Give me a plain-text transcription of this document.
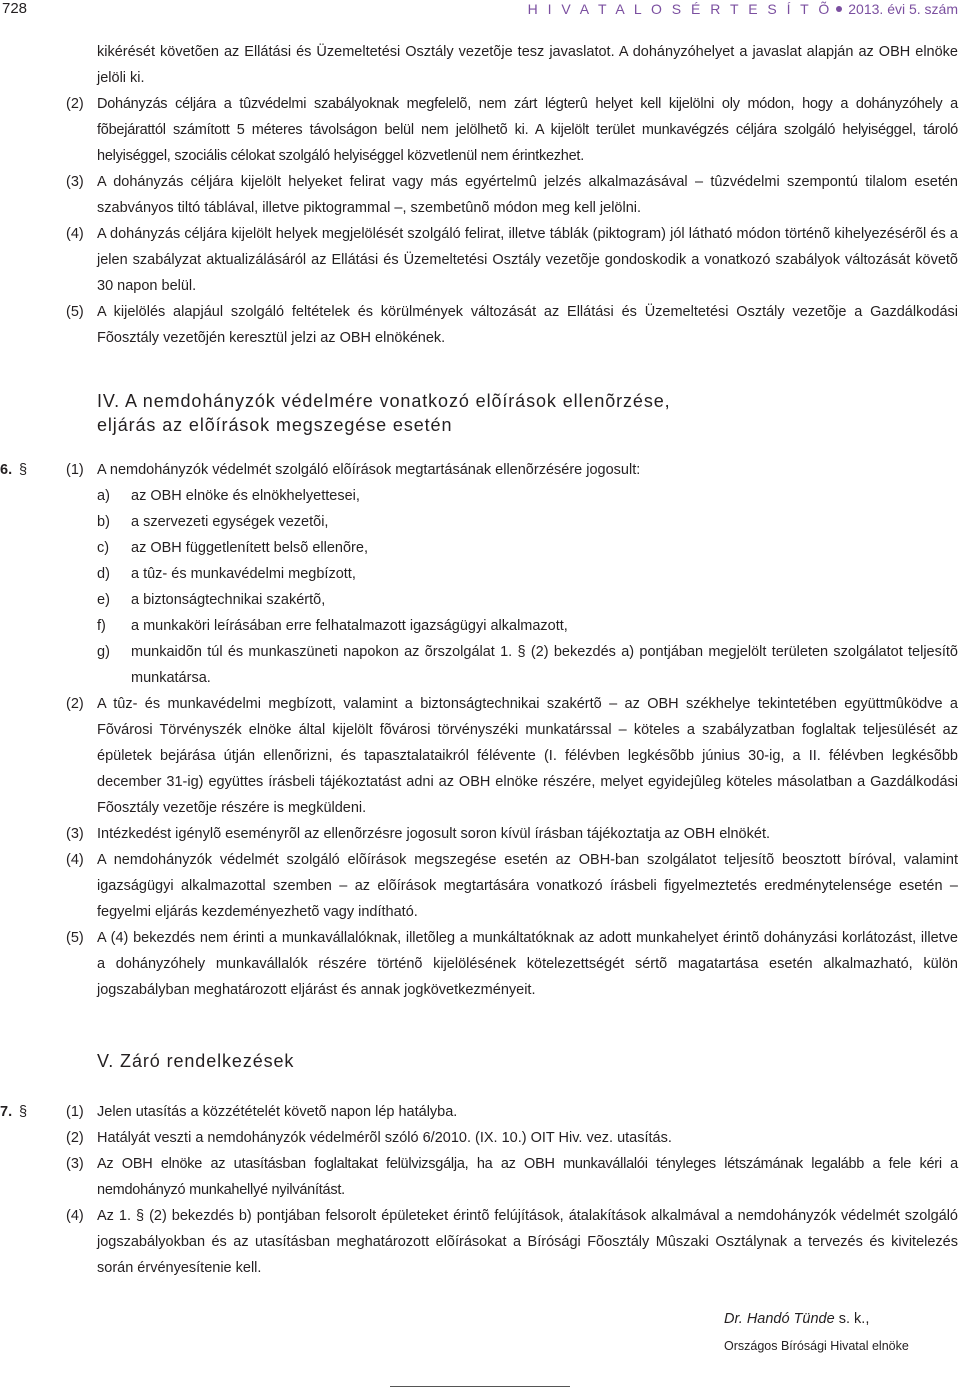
728	H I V A T A L O S É R T E S Í T Õ 2013. évi 5. szám
kikérését követõen az Ellátási és Üzemeltetési Osztály vezetõje tesz javaslatot. A dohányzóhelyet a javaslat alapján az OBH elnöke jelöli ki.
(2) Dohányzás céljára a tûzvédelmi szabályoknak megfelelõ, nem zárt légterû helyet kell kijelölni oly módon, hogy a dohányzóhely a fõbejárattól számított 5 méteres távolságon belül nem jelölhetõ ki. A kijelölt terület munkavégzés céljára szolgáló helyiséggel, tároló helyiséggel, szociális célokat szolgáló helyiséggel közvetlenül nem érintkezhet.
(3) A dohányzás céljára kijelölt helyeket felirat vagy más egyértelmû jelzés alkalmazásával – tûzvédelmi szempontú tilalom esetén szabványos tiltó táblával, illetve piktogrammal –, szembetûnõ módon meg kell jelölni.
(4) A dohányzás céljára kijelölt helyek megjelölését szolgáló felirat, illetve táblák (piktogram) jól látható módon történõ kihelyezésérõl és a jelen szabályzat aktualizálásáról az Ellátási és Üzemeltetési Osztály vezetõje gondoskodik a vonatkozó szabályok változását követõ 30 napon belül.
(5) A kijelölés alapjául szolgáló feltételek és körülmények változását az Ellátási és Üzemeltetési Osztály vezetõje a Gazdálkodási Fõosztály vezetõjén keresztül jelzi az OBH elnökének.
IV. A nemdohányzók védelmére vonatkozó elõírások ellenõrzése,
eljárás az elõírások megszegése esetén
6. §	(1) A nemdohányzók védelmét szolgáló elõírások megtartásának ellenõrzésére jogosult:
a) az OBH elnöke és elnökhelyettesei,
b) a szervezeti egységek vezetõi,
c) az OBH függetlenített belsõ ellenõre,
d) a tûz- és munkavédelmi megbízott,
e) a biztonságtechnikai szakértõ,
f) a munkaköri leírásában erre felhatalmazott igazságügyi alkalmazott,
g) munkaidõn túl és munkaszüneti napokon az õrszolgálat 1. § (2) bekezdés a) pontjában megjelölt területen szolgálatot teljesítõ munkatársa.
(2) A tûz- és munkavédelmi megbízott, valamint a biztonságtechnikai szakértõ – az OBH székhelye tekintetében együttmûködve a Fõvárosi Törvényszék elnöke által kijelölt fõvárosi törvényszéki munkatárssal – köteles a szabályzatban foglaltak teljesülését az épületek bejárása útján ellenõrizni, és tapasztalataikról félévente (I. félévben legkésõbb június 30-ig, a II. félévben legkésõbb december 31-ig) együttes írásbeli tájékoztatást adni az OBH elnöke részére, melyet egyidejûleg köteles másolatban a Gazdálkodási Fõosztály vezetõje részére is megküldeni.
(3) Intézkedést igénylõ eseményrõl az ellenõrzésre jogosult soron kívül írásban tájékoztatja az OBH elnökét.
(4) A nemdohányzók védelmét szolgáló elõírások megszegése esetén az OBH-ban szolgálatot teljesítõ beosztott bíróval, valamint igazságügyi alkalmazottal szemben – az elõírások megtartására vonatkozó írásbeli figyelmeztetés eredménytelensége esetén – fegyelmi eljárás kezdeményezhetõ vagy indítható.
(5) A (4) bekezdés nem érinti a munkavállalóknak, illetõleg a munkáltatóknak az adott munkahelyet érintõ dohányzási korlátozást, illetve a dohányzóhely munkavállalók részére történõ kijelölésének kötelezettségét sértõ magatartása esetén alkalmazható, külön jogszabályban meghatározott eljárást és annak jogkövetkezményeit.
V. Záró rendelkezések
7. §	(1) Jelen utasítás a közzétételét követõ napon lép hatályba.
(2) Hatályát veszti a nemdohányzók védelmérõl szóló 6/2010. (IX. 10.) OIT Hiv. vez. utasítás.
(3) Az OBH elnöke az utasításban foglaltakat felülvizsgálja, ha az OBH munkavállalói tényleges létszámának legalább a fele kéri a nemdohányzó munkahellyé nyilvánítást.
(4) Az 1. § (2) bekezdés b) pontjában felsorolt épületeket érintõ felújítások, átalakítások alkalmával a nemdohányzók védelmét szolgáló jogszabályokban és az utasításban meghatározott elõírásokat a Bírósági Fõosztály Mûszaki Osztálynak a tervezés és kivitelezés során érvényesítenie kell.
Dr. Handó Tünde s. k.,
Országos Bírósági Hivatal elnöke
